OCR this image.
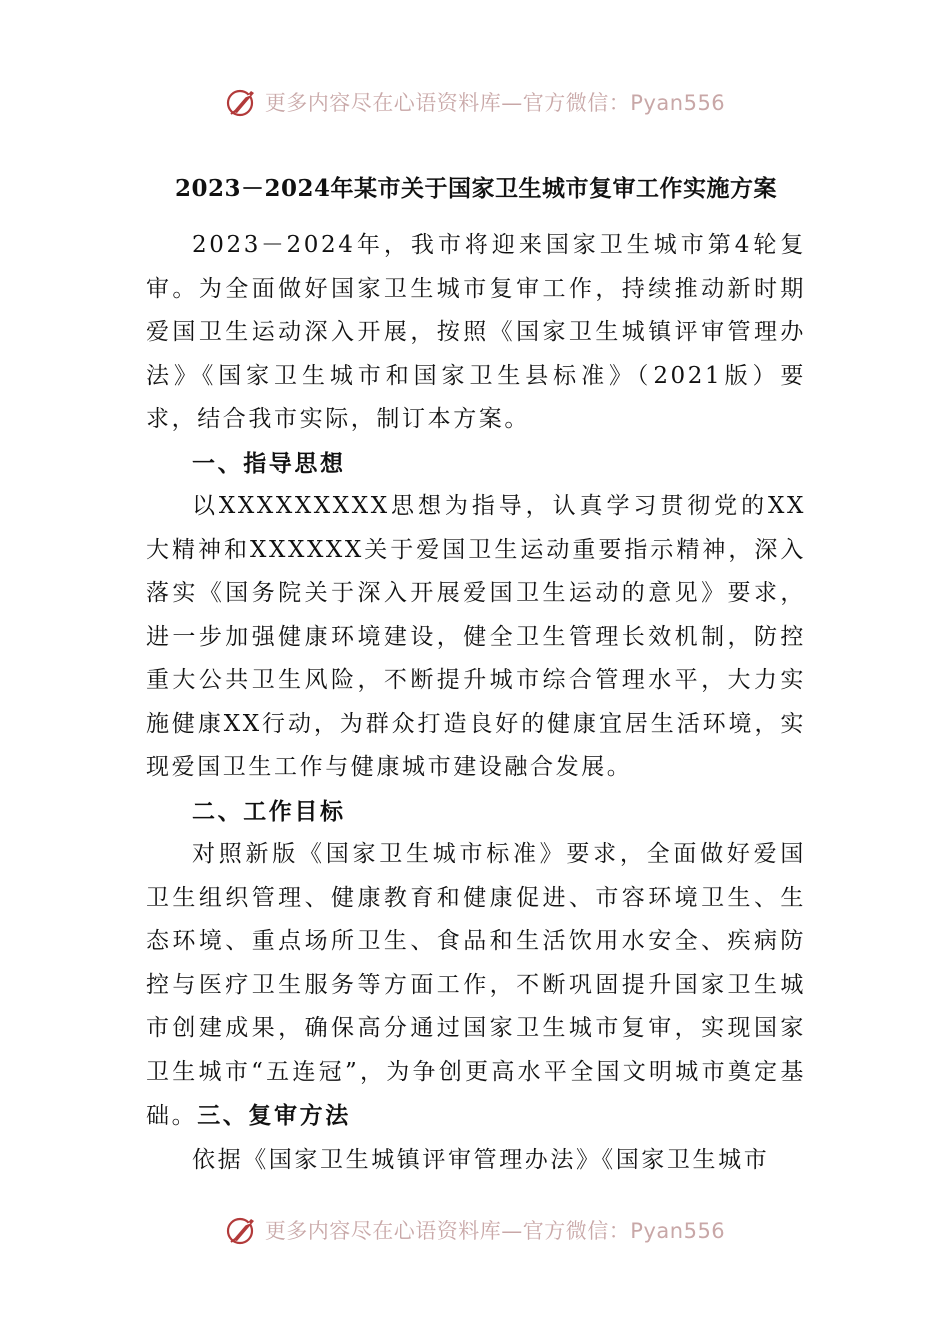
更多内容尽在心语资料库—官方微信：Pyan556
2023－2024年某市关于国家卫生城市复审工作实施方案

2023－2024年，我市将迎来国家卫生城市第4轮复审。为全面做好国家卫生城市复审工作，持续推动新时期爱国卫生运动深入开展，按照《国家卫生城镇评审管理办法》《国家卫生城市和国家卫生县标准》（2021版）要求，结合我市实际，制订本方案。

一、指导思想

以XXXXXXXXX思想为指导，认真学习贯彻党的XX大精神和XXXXXX关于爱国卫生运动重要指示精神，深入落实《国务院关于深入开展爱国卫生运动的意见》要求，进一步加强健康环境建设，健全卫生管理长效机制，防控重大公共卫生风险，不断提升城市综合管理水平，大力实施健康XX行动，为群众打造良好的健康宜居生活环境，实现爱国卫生工作与健康城市建设融合发展。

二、工作目标

对照新版《国家卫生城市标准》要求，全面做好爱国卫生组织管理、健康教育和健康促进、市容环境卫生、生态环境、重点场所卫生、食品和生活饮用水安全、疾病防控与医疗卫生服务等方面工作，不断巩固提升国家卫生城市创建成果，确保高分通过国家卫生城市复审，实现国家卫生城市“五连冠”，为争创更高水平全国文明城市奠定基础。三、复审方法

依据《国家卫生城镇评审管理办法》《国家卫生城市

更多内容尽在心语资料库—官方微信：Pyan556
